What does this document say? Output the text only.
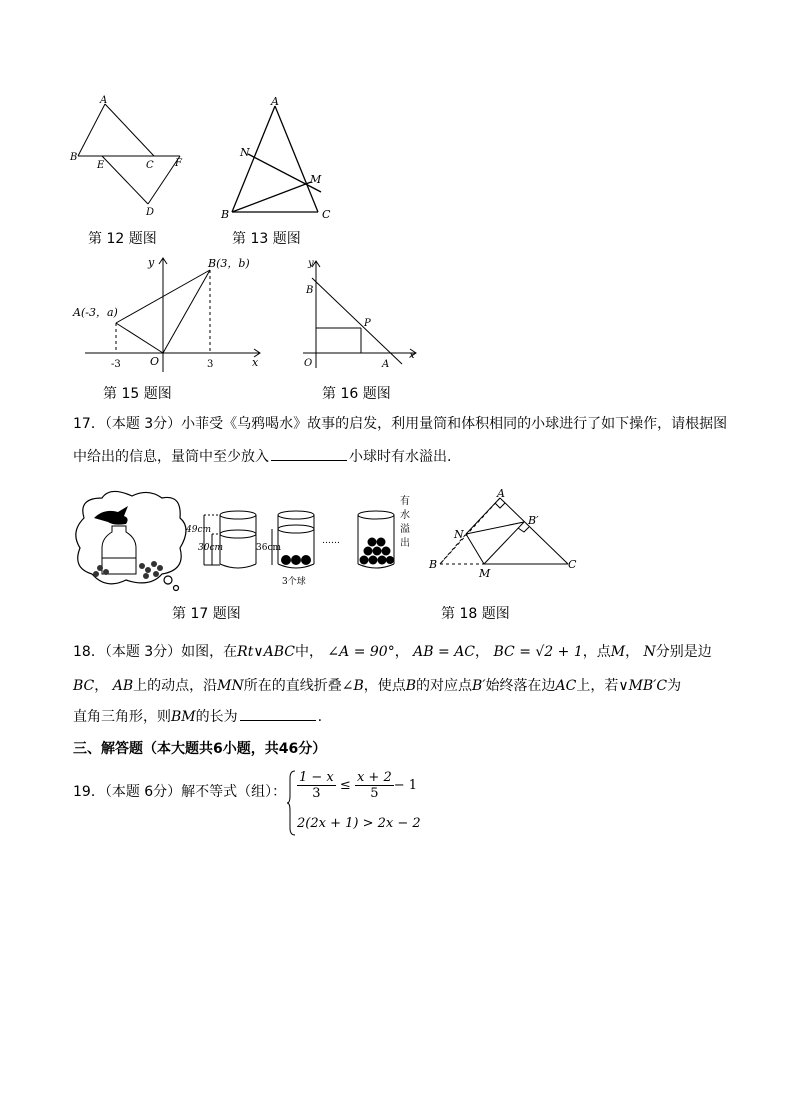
A
B
E	C F
D
第 12 题图
A
N
M
B	C
第 13 题图
y	B(3，b)
A(-3，a)
-3	O	3	x
第 15 题图
y
B
P
O	A
x
第 16 题图
17．（本题 3分）小菲受《乌鸦喝水》故事的启发，利用量筒和体积相同的小球进行了如下操作，请根据图
中给出的信息，量筒中至少放入	小球时有水溢出.
49cm
30cm	36cm
3个球
……
有
水
溢
出
第 17 题图
A
B′
N
B
M
C
第 18 题图
18．（本题 3分）如图，在Rt∨ABC中， ∠A = 90°， AB = AC， BC = √2 + 1，点M， N分别是边
BC， AB上的动点，沿MN所在的直线折叠∠B，使点B的对应点B′始终落在边AC上，若∨MB′C为
直角三角形，则BM的长为	.
三、解答题（本大题共6小题，共46分）
19．（本题 6分）解不等式（组）： $\frac{1 - x}{3} \le \frac{x + 2}{5} - 1$
2(2x + 1) > 2x − 2
